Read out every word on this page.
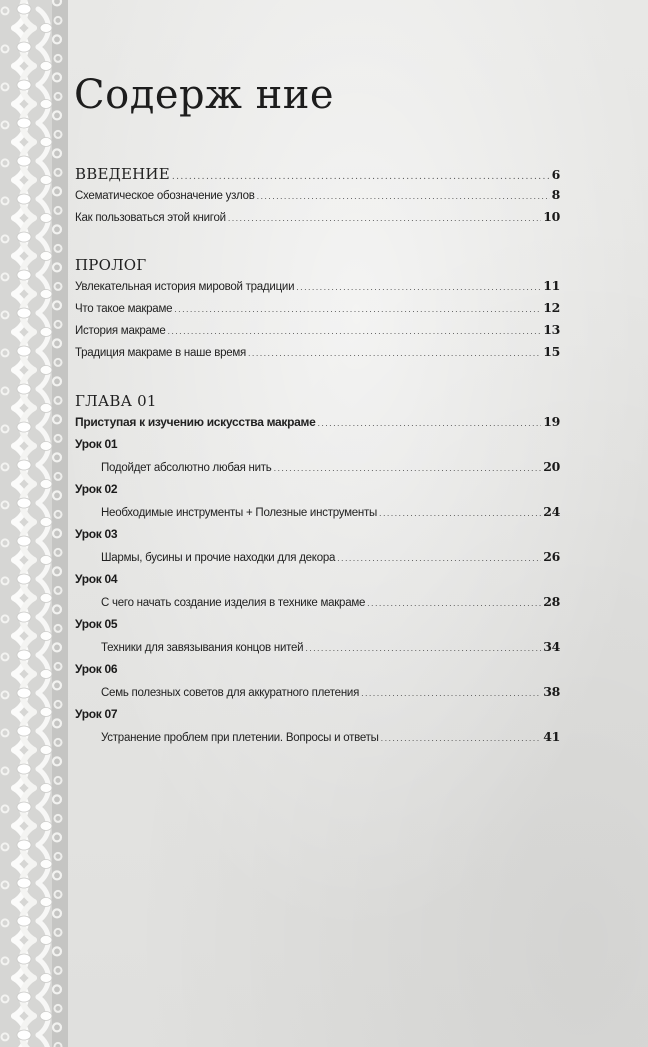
Содерж ние
ВВЕДЕНИЕ .....	6
Схематическое обозначение узлов .....	8
Как пользоваться этой книгой .....	10
ПРОЛОГ
Увлекательная история мировой традиции .....	11
Что такое макраме .....	12
История макраме .....	13
Традиция макраме в наше время .....	15
ГЛАВА 01
Приступая к изучению искусства макраме .....	19
Урок 01
Подойдет абсолютно любая нить .....	20
Урок 02
Необходимые инструменты + Полезные инструменты .....	24
Урок 03
Шармы, бусины и прочие находки для декора .....	26
Урок 04
С чего начать создание изделия в технике макраме .....	28
Урок 05
Техники для завязывания концов нитей .....	34
Урок 06
Семь полезных советов для аккуратного плетения .....	38
Урок 07
Устранение проблем при плетении. Вопросы и ответы .....	41
